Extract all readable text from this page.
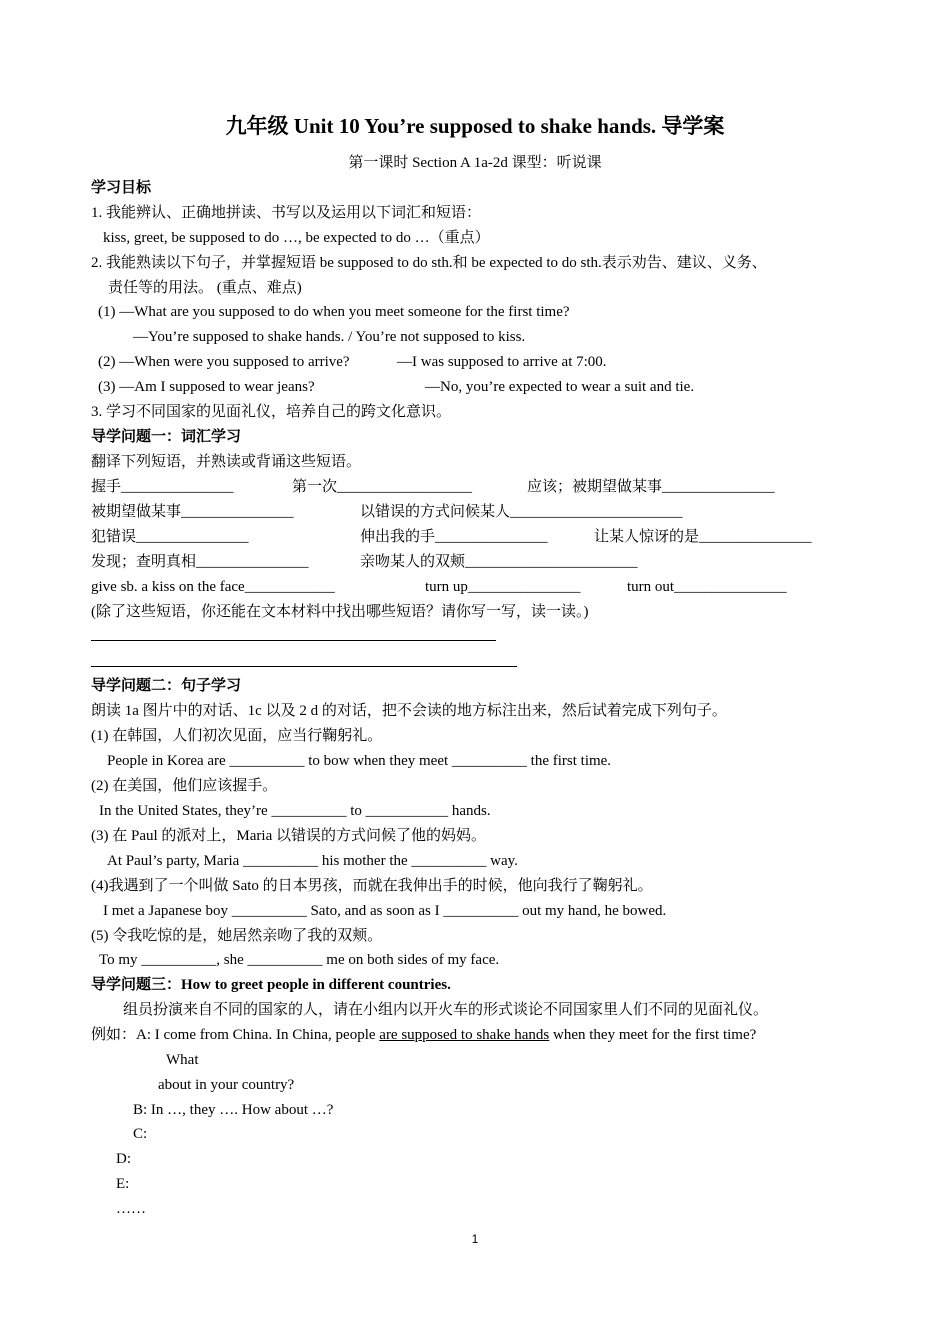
九年级 Unit 10 You’re supposed to shake hands. 导学案
第一课时 Section A 1a-2d 课型：听说课
学习目标
1. 我能辨认、正确地拼读、书写以及运用以下词汇和短语：
kiss, greet, be supposed to do …, be expected to do …（重点）
2. 我能熟读以下句子，并掌握短语 be supposed to do sth.和 be expected to do sth.表示劝告、建议、义务、
责任等的用法。 (重点、难点)
(1) —What are you supposed to do when you meet someone for the first time?
—You’re supposed to shake hands. / You’re not supposed to kiss.
(2) —When were you supposed to arrive?	—I was supposed to arrive at 7:00.
(3) —Am I supposed to wear jeans?	—No, you’re expected to wear a suit and tie.
3. 学习不同国家的见面礼仪，培养自己的跨文化意识。
导学问题一：词汇学习
翻译下列短语，并熟读或背诵这些短语。
握手_______________	第一次__________________	应该；被期望做某事_______________
被期望做某事_______________	以错误的方式问候某人_______________________
犯错误_______________	伸出我的手_______________	让某人惊讶的是_______________
发现；查明真相_______________	亲吻某人的双颊_______________________
give sb. a kiss on the face____________	turn up_______________	turn out_______________
(除了这些短语，你还能在文本材料中找出哪些短语？请你写一写，读一读。)
导学问题二：句子学习
朗读 1a 图片中的对话、1c 以及 2 d 的对话，把不会读的地方标注出来，然后试着完成下列句子。
(1) 在韩国，人们初次见面，应当行鞠躬礼。
People in Korea are __________ to bow when they meet __________ the first time.
(2) 在美国，他们应该握手。
In the United States, they’re __________ to ___________ hands.
(3) 在 Paul 的派对上，Maria 以错误的方式问候了他的妈妈。
At Paul’s party, Maria __________ his mother the __________ way.
(4)我遇到了一个叫做 Sato 的日本男孩，而就在我伸出手的时候，他向我行了鞠躬礼。
I met a Japanese boy __________ Sato, and as soon as I __________ out my hand, he bowed.
(5) 令我吃惊的是，她居然亲吻了我的双颊。
To my __________, she __________ me on both sides of my face.
导学问题三：How to greet people in different countries.
组员扮演来自不同的国家的人，请在小组内以开火车的形式谈论不同国家里人们不同的见面礼仪。
例如：A: I come from China. In China, people are supposed to shake hands when they meet for the first time?
What
about in your country?
B: In …, they …. How about …?
C:
D:
E:
……
1
